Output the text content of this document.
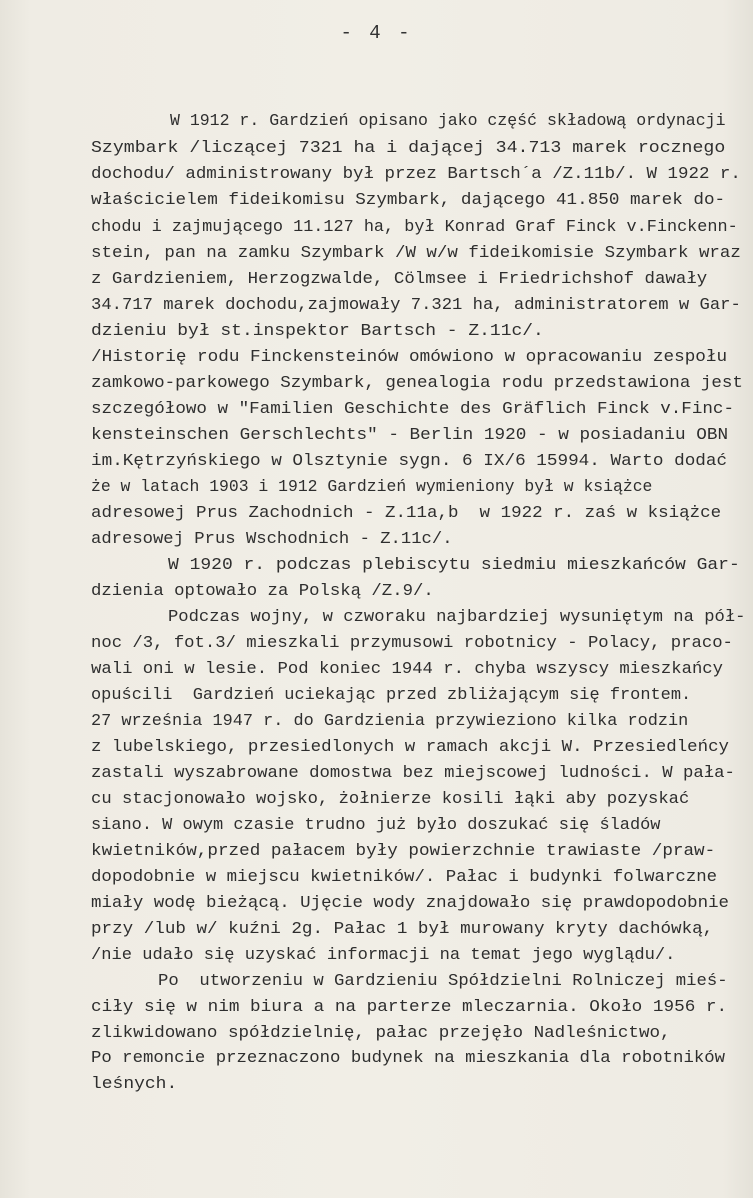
- 4 -
W 1912 r. Gardzień opisano jako część składową ordynacji
Szymbark /liczącej 7321 ha i dającej 34.713 marek rocznego
dochodu/ administrowany był przez Bartsch´a /Z.11b/. W 1922 r.
właścicielem fideikomisu Szymbark, dającego 41.850 marek do-
chodu i zajmującego 11.127 ha, był Konrad Graf Finck v.Finckenn-
stein, pan na zamku Szymbark /W w/w fideikomisie Szymbark wraz
z Gardzieniem, Herzogzwalde, Cölmsee i Friedrichshof dawały
34.717 marek dochodu,zajmowały 7.321 ha, administratorem w Gar-
dzieniu był st.inspektor Bartsch - Z.11c/.
/Historię rodu Finckensteinów omówiono w opracowaniu zespołu
zamkowo-parkowego Szymbark, genealogia rodu przedstawiona jest
szczegółowo w "Familien Geschichte des Gräflich Finck v.Finc-
kensteinschen Gerschlechts" - Berlin 1920 - w posiadaniu OBN
im.Kętrzyńskiego w Olsztynie sygn. 6 IX/6 15994. Warto dodać
że w latach 1903 i 1912 Gardzień wymieniony był w książce
adresowej Prus Zachodnich - Z.11a,b  w 1922 r. zaś w książce
adresowej Prus Wschodnich - Z.11c/.
W 1920 r. podczas plebiscytu siedmiu mieszkańców Gar-
dzienia optowało za Polską /Z.9/.
Podczas wojny, w czworaku najbardziej wysuniętym na pół-
noc /3, fot.3/ mieszkali przymusowi robotnicy - Polacy, praco-
wali oni w lesie. Pod koniec 1944 r. chyba wszyscy mieszkańcy
opuścili  Gardzień uciekając przed zbliżającym się frontem.
27 września 1947 r. do Gardzienia przywieziono kilka rodzin
z lubelskiego, przesiedlonych w ramach akcji W. Przesiedleńcy
zastali wyszabrowane domostwa bez miejscowej ludności. W pała-
cu stacjonowało wojsko, żołnierze kosili łąki aby pozyskać
siano. W owym czasie trudno już było doszukać się śladów
kwietników,przed pałacem były powierzchnie trawiaste /praw-
dopodobnie w miejscu kwietników/. Pałac i budynki folwarczne
miały wodę bieżącą. Ujęcie wody znajdowało się prawdopodobnie
przy /lub w/ kuźni 2g. Pałac 1 był murowany kryty dachówką,
/nie udało się uzyskać informacji na temat jego wyglądu/.
Po  utworzeniu w Gardzieniu Spółdzielni Rolniczej mieś-
ciły się w nim biura a na parterze mleczarnia. Około 1956 r.
zlikwidowano spółdzielnię, pałac przejęło Nadleśnictwo,
Po remoncie przeznaczono budynek na mieszkania dla robotników
leśnych.
